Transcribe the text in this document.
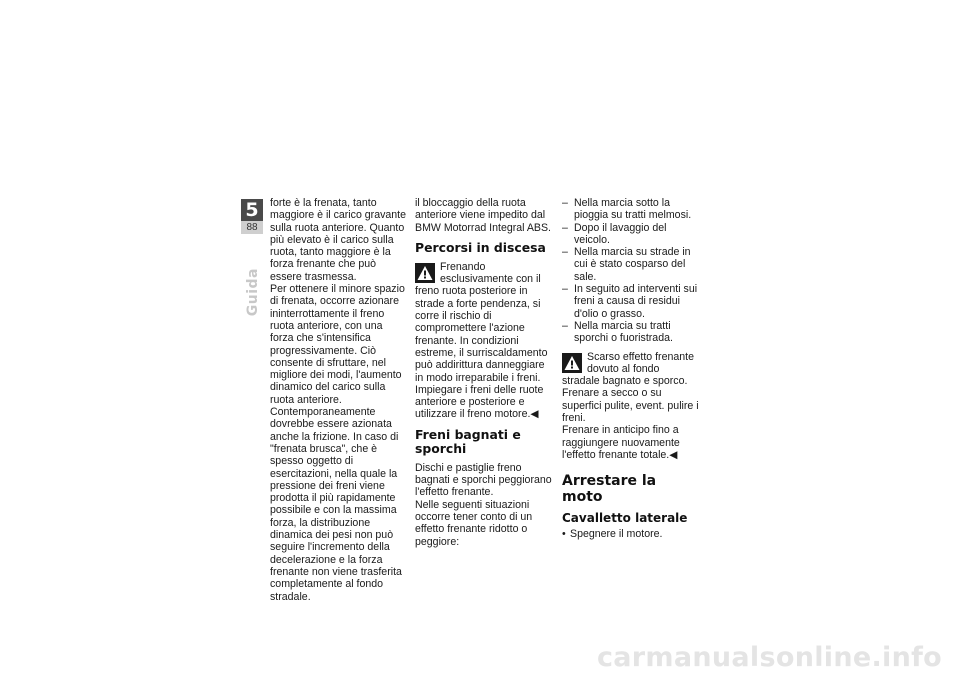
5
88
Guida

forte è la frenata, tanto maggiore è il carico gravante sulla ruota anteriore. Quanto più elevato è il carico sulla ruota, tanto maggiore è la forza frenante che può essere trasmessa.

Per ottenere il minore spazio di frenata, occorre azionare ininterrottamente il freno ruota anteriore, con una forza che s'intensifica progressivamente. Ciò consente di sfruttare, nel migliore dei modi, l'aumento dinamico del carico sulla ruota anteriore. Contemporaneamente dovrebbe essere azionata anche la frizione. In caso di "frenata brusca", che è spesso oggetto di esercitazioni, nella quale la pressione dei freni viene prodotta il più rapidamente possibile e con la massima forza, la distribuzione dinamica dei pesi non può seguire l'incremento della decelerazione e la forza frenante non viene trasferita completamente al fondo stradale.

il bloccaggio della ruota anteriore viene impedito dal BMW Motorrad Integral ABS.

Percorsi in discesa
Frenando esclusivamente con il freno ruota posteriore in strade a forte pendenza, si corre il rischio di compromettere l'azione frenante. In condizioni estreme, il surriscaldamento può addirittura danneggiare in modo irreparabile i freni.

Impiegare i freni delle ruote anteriore e posteriore e utilizzare il freno motore.◀

Freni bagnati e sporchi

Dischi e pastiglie freno bagnati e sporchi peggiorano l'effetto frenante.

Nelle seguenti situazioni occorre tener conto di un effetto frenante ridotto o peggiore:

– Nella marcia sotto la pioggia su tratti melmosi.
– Dopo il lavaggio del veicolo.
– Nella marcia su strade in cui è stato cosparso del sale.
– In seguito ad interventi sui freni a causa di residui d'olio o grasso.
– Nella marcia su tratti sporchi o fuoristrada.
Scarso effetto frenante dovuto al fondo stradale bagnato e sporco.

Frenare a secco o su superfici pulite, event. pulire i freni.

Frenare in anticipo fino a raggiungere nuovamente l'effetto frenante totale.◀

Arrestare la moto
Cavalletto laterale
• Spegnere il motore.
carmanualsonline.info
